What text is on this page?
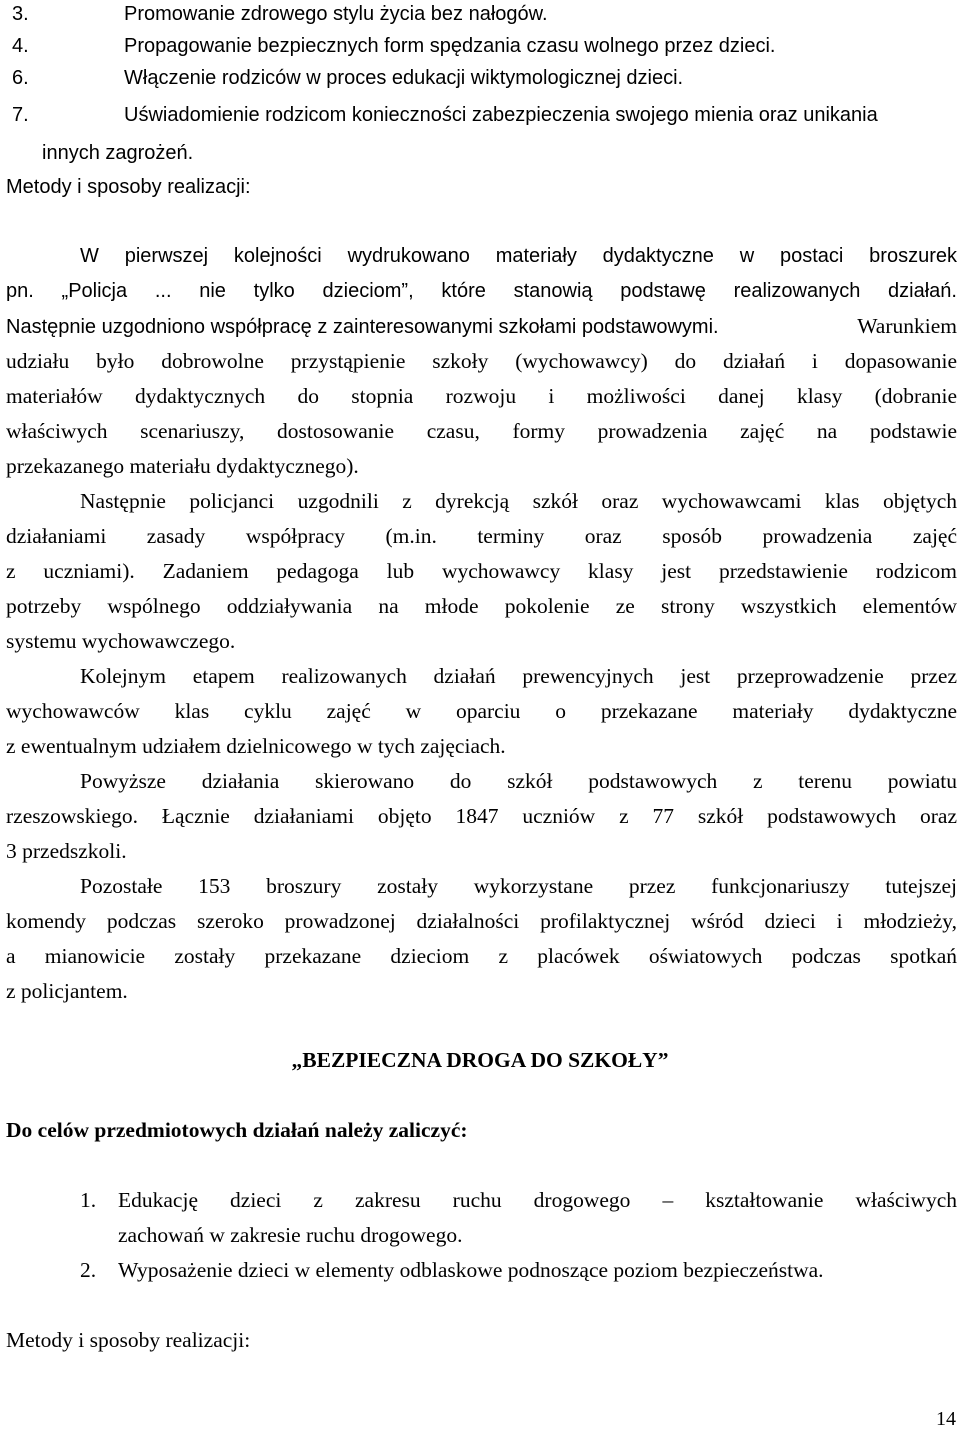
3.	Promowanie zdrowego stylu życia bez nałogów.
4.	Propagowanie bezpiecznych form spędzania czasu wolnego przez dzieci.
6.	Włączenie rodziców w proces edukacji wiktymologicznej dzieci.
7.	Uświadomienie rodzicom konieczności zabezpieczenia swojego mienia oraz unikania
innych zagrożeń.
Metody i sposoby realizacji:
W pierwszej kolejności wydrukowano materiały dydaktyczne w postaci broszurek
pn. „Policja ... nie tylko dzieciom”, które stanowią podstawę realizowanych działań.
Następnie uzgodniono współpracę z zainteresowanymi szkołami podstawowymi.	Warunkiem
udziału było dobrowolne przystąpienie szkoły (wychowawcy) do działań i dopasowanie
materiałów dydaktycznych do stopnia rozwoju i możliwości danej klasy (dobranie
właściwych scenariuszy, dostosowanie czasu, formy prowadzenia zajęć na podstawie
przekazanego materiału dydaktycznego).
Następnie policjanci uzgodnili z dyrekcją szkół oraz wychowawcami klas objętych
działaniami zasady współpracy (m.in. terminy oraz sposób prowadzenia zajęć
z uczniami). Zadaniem pedagoga lub wychowawcy klasy jest przedstawienie rodzicom
potrzeby wspólnego oddziaływania na młode pokolenie ze strony wszystkich elementów
systemu wychowawczego.
Kolejnym etapem realizowanych działań prewencyjnych jest przeprowadzenie przez
wychowawców klas cyklu zajęć w oparciu o przekazane materiały dydaktyczne
z ewentualnym udziałem dzielnicowego w tych zajęciach.
Powyższe działania skierowano do szkół podstawowych z terenu powiatu
rzeszowskiego. Łącznie działaniami objęto 1847 uczniów z 77 szkół podstawowych oraz
3 przedszkoli.
Pozostałe 153 broszury zostały wykorzystane przez funkcjonariuszy tutejszej
komendy podczas szeroko prowadzonej działalności profilaktycznej wśród dzieci i młodzieży,
a mianowicie zostały przekazane dzieciom z placówek oświatowych podczas spotkań
z policjantem.
„BEZPIECZNA DROGA DO SZKOŁY”
Do celów przedmiotowych działań należy zaliczyć:
1.	Edukację dzieci z zakresu ruchu drogowego – kształtowanie właściwych
zachowań w zakresie ruchu drogowego.
2.	Wyposażenie dzieci w elementy odblaskowe podnoszące poziom bezpieczeństwa.
Metody i sposoby realizacji:
14
